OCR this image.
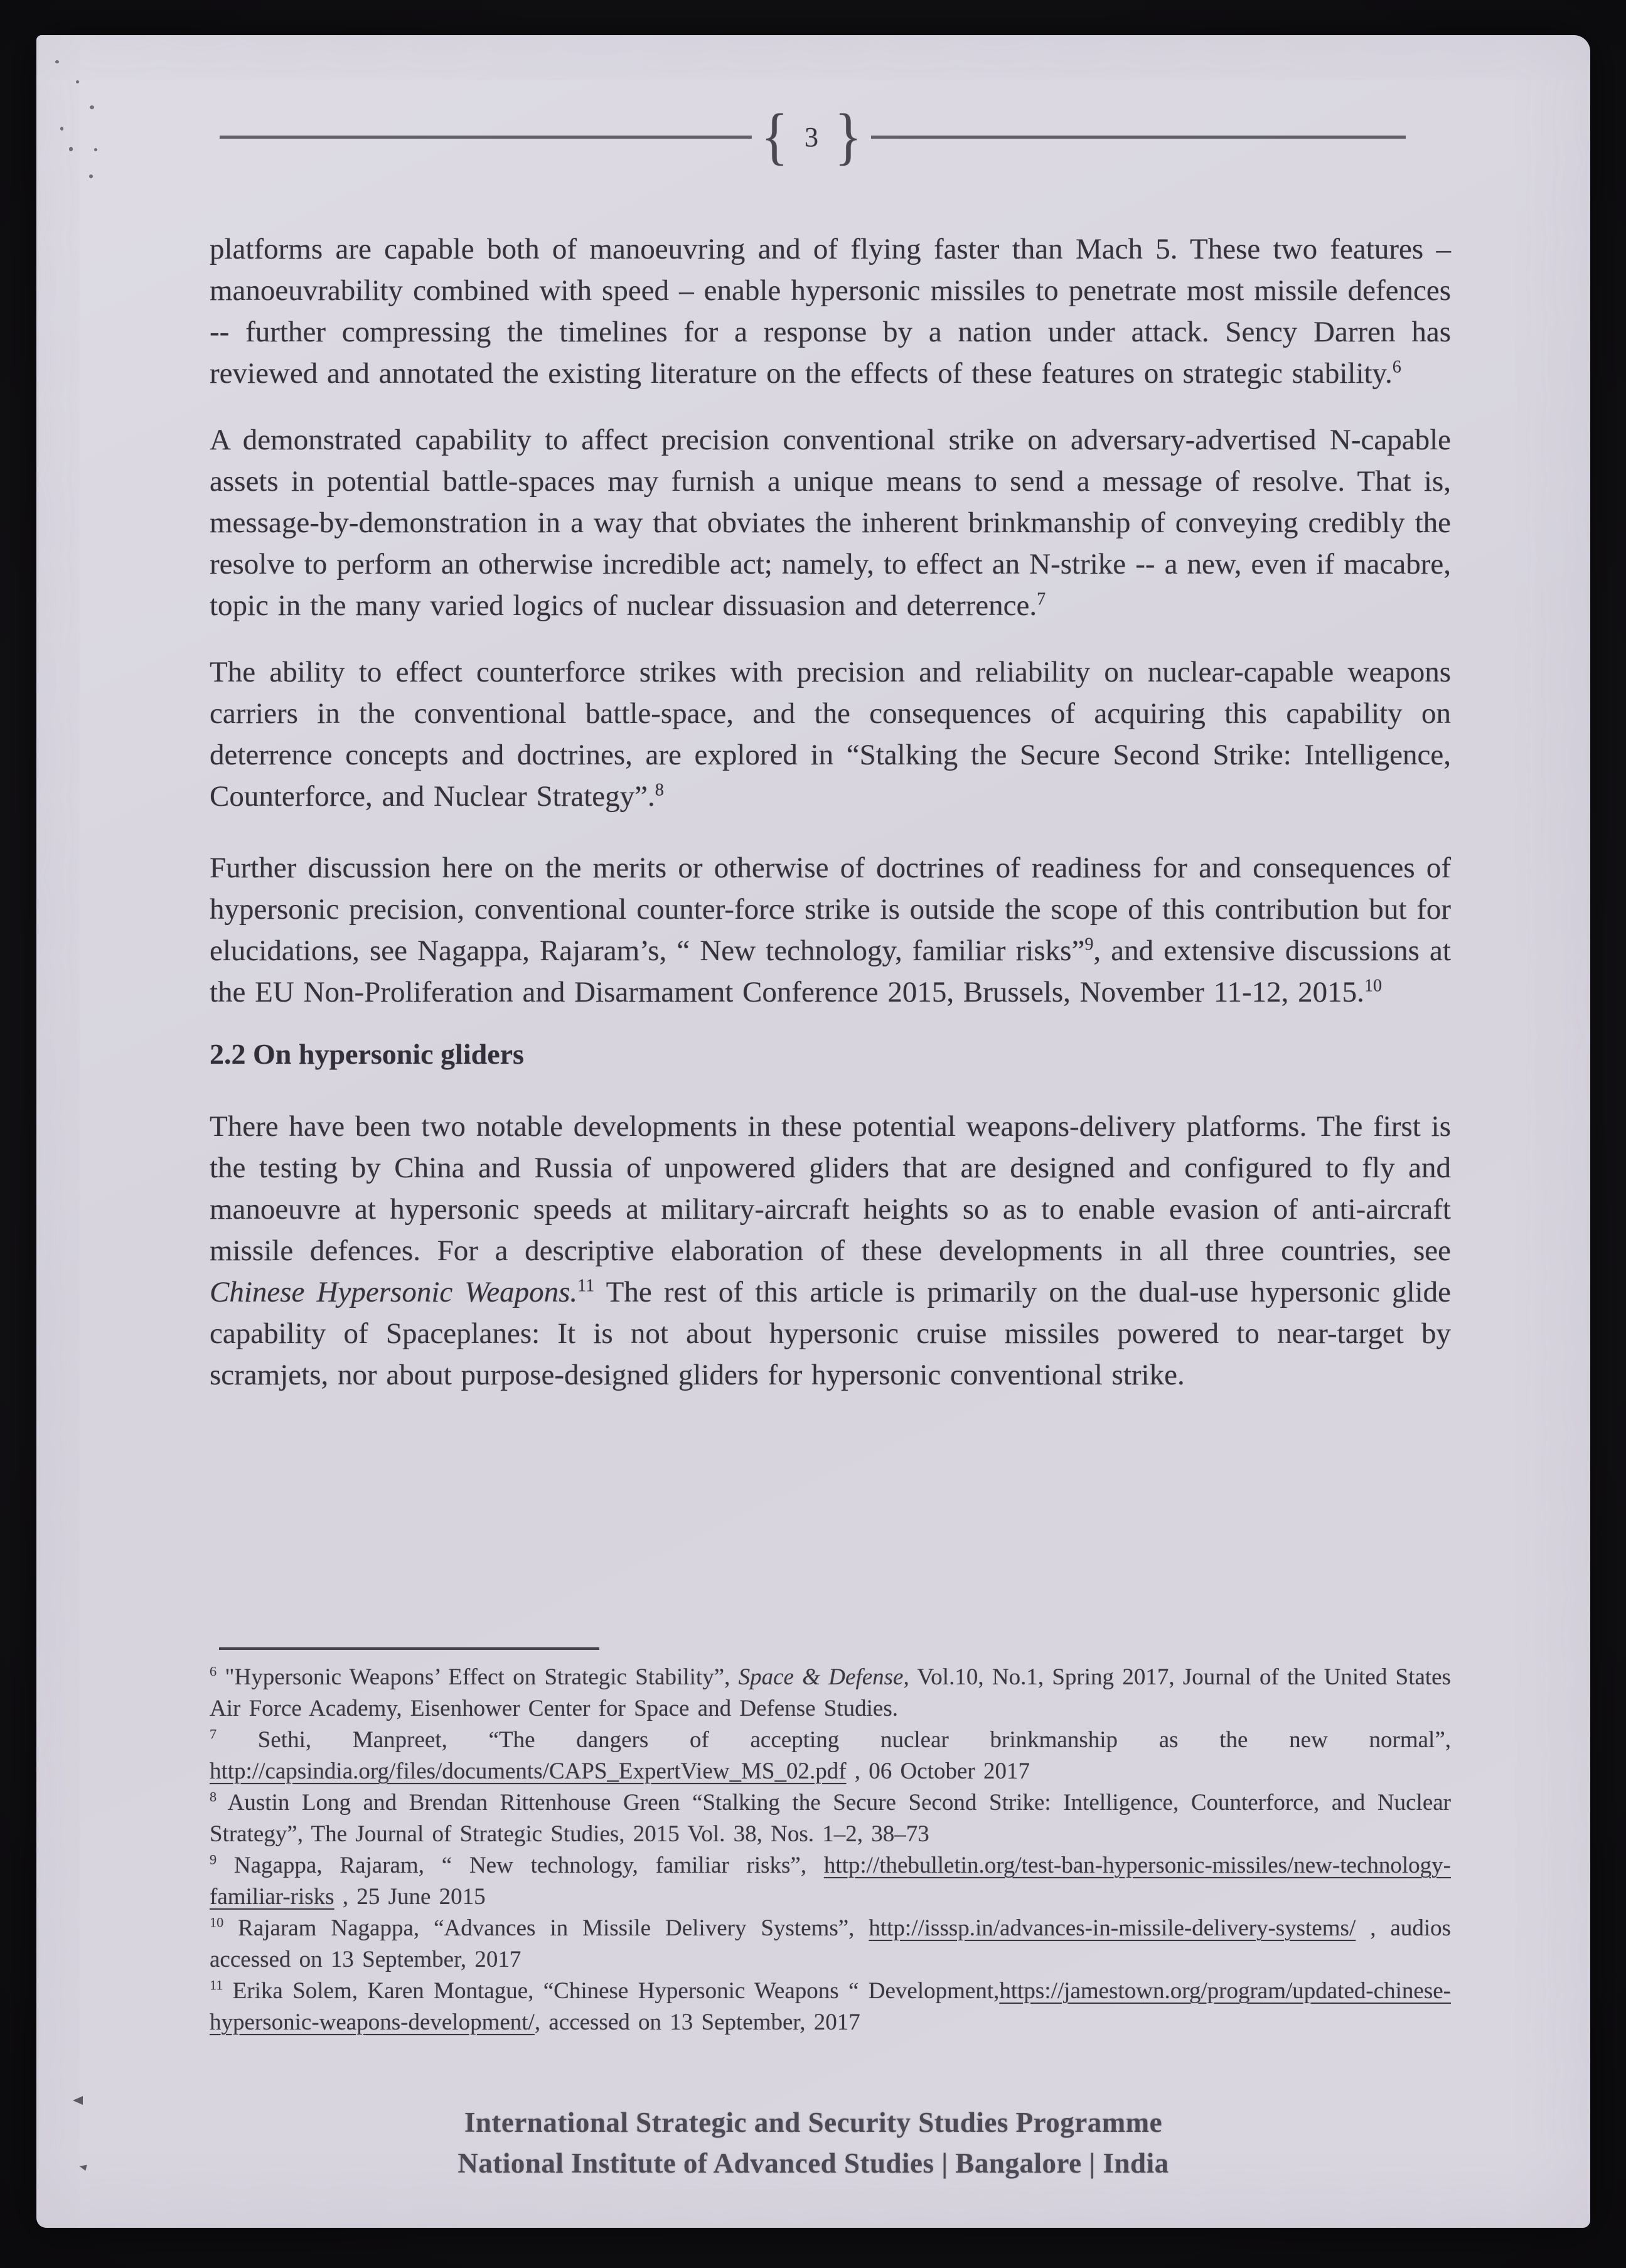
{ 3 }

platforms are capable both of manoeuvring and of flying faster than Mach 5. These two features – manoeuvrability combined with speed – enable hypersonic missiles to penetrate most missile defences -- further compressing the timelines for a response by a nation under attack. Sency Darren has reviewed and annotated the existing literature on the effects of these features on strategic stability.$^6$

A demonstrated capability to affect precision conventional strike on adversary-advertised N-capable assets in potential battle-spaces may furnish a unique means to send a message of resolve. That is, message-by-demonstration in a way that obviates the inherent brinkmanship of conveying credibly the resolve to perform an otherwise incredible act; namely, to effect an N-strike -- a new, even if macabre, topic in the many varied logics of nuclear dissuasion and deterrence.$^7$

The ability to effect counterforce strikes with precision and reliability on nuclear-capable weapons carriers in the conventional battle-space, and the consequences of acquiring this capability on deterrence concepts and doctrines, are explored in “Stalking the Secure Second Strike: Intelligence, Counterforce, and Nuclear Strategy”.$^8$

Further discussion here on the merits or otherwise of doctrines of readiness for and consequences of hypersonic precision, conventional counter-force strike is outside the scope of this contribution but for elucidations, see Nagappa, Rajaram’s, “ New technology, familiar risks”$^9$, and extensive discussions at the EU Non-Proliferation and Disarmament Conference 2015, Brussels, November 11-12, 2015.10

2.2 On hypersonic gliders

There have been two notable developments in these potential weapons-delivery platforms. The first is the testing by China and Russia of unpowered gliders that are designed and configured to fly and manoeuvre at hypersonic speeds at military-aircraft heights so as to enable evasion of anti-aircraft missile defences. For a descriptive elaboration of these developments in all three countries, see Chinese Hypersonic Weapons.$^{11}$ The rest of this article is primarily on the dual-use hypersonic glide capability of Spaceplanes: It is not about hypersonic cruise missiles powered to near-target by scramjets, nor about purpose-designed gliders for hypersonic conventional strike.

$^6$ "Hypersonic Weapons’ Effect on Strategic Stability”, Space & Defense, Vol.10, No.1, Spring 2017, Journal of the United States Air Force Academy, Eisenhower Center for Space and Defense Studies.

$^7$ Sethi, Manpreet, “The dangers of accepting nuclear brinkmanship as the new normal”, http://capsindia.org/files/documents/CAPS_ExpertView_MS_02.pdf , 06 October 2017

$^8$ Austin Long and Brendan Rittenhouse Green “Stalking the Secure Second Strike: Intelligence, Counterforce, and Nuclear Strategy”, The Journal of Strategic Studies, 2015 Vol. 38, Nos. 1–2, 38–73

$^9$ Nagappa, Rajaram, “ New technology, familiar risks”, http://thebulletin.org/test-ban-hypersonic-missiles/new-technology-familiar-risks , 25 June 2015

$^{10}$ Rajaram Nagappa, “Advances in Missile Delivery Systems”, http://isssp.in/advances-in-missile-delivery-systems/ , audios accessed on 13 September, 2017

$^{11}$ Erika Solem, Karen Montague, “Chinese Hypersonic Weapons “ Development,https://jamestown.org/program/updated-chinese-hypersonic-weapons-development/, accessed on 13 September, 2017

International Strategic and Security Studies Programme
National Institute of Advanced Studies | Bangalore | India
